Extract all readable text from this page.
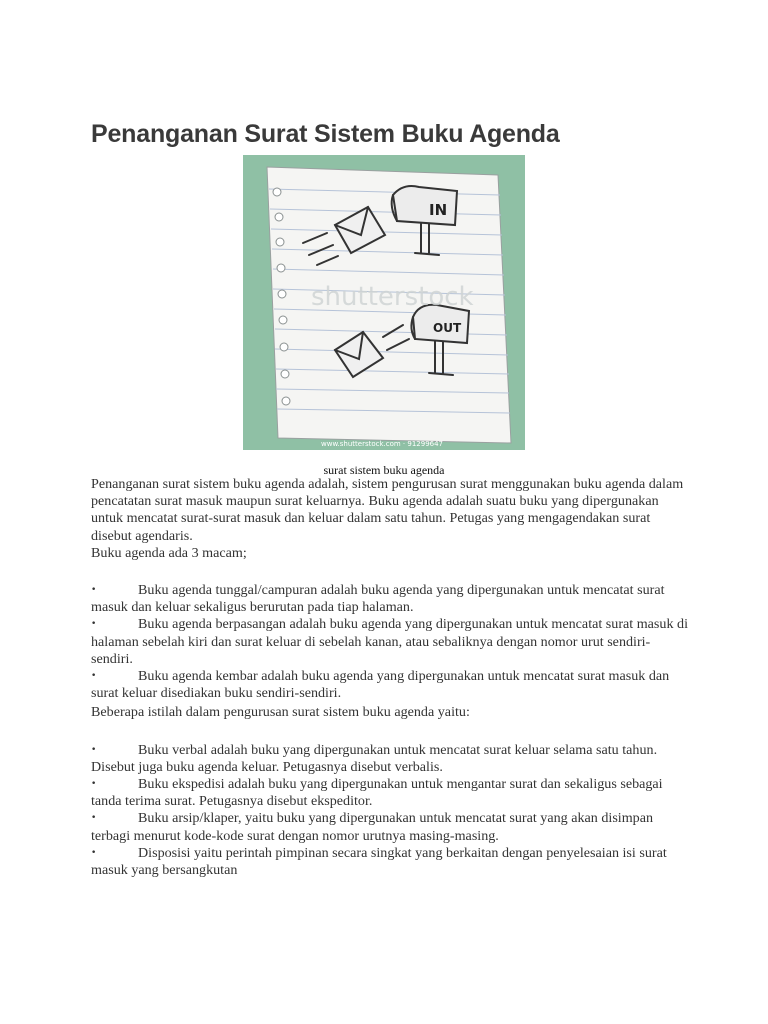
Penanganan Surat Sistem Buku Agenda
IN
OUT
shutterstock
www.shutterstock.com · 91299647
surat sistem buku agenda

Penanganan surat sistem buku agenda adalah, sistem pengurusan surat menggunakan buku agenda dalam pencatatan surat masuk maupun surat keluarnya. Buku agenda adalah suatu buku yang dipergunakan untuk mencatat surat-surat masuk dan keluar dalam satu tahun. Petugas yang mengagendakan surat disebut agendaris.

Buku agenda ada 3 macam;

•	Buku agenda tunggal/campuran adalah buku agenda yang dipergunakan untuk mencatat surat masuk dan keluar sekaligus berurutan pada tiap halaman.

•	Buku agenda berpasangan adalah buku agenda yang dipergunakan untuk mencatat surat masuk di halaman sebelah kiri dan surat keluar di sebelah kanan, atau sebaliknya dengan nomor urut sendiri-sendiri.

•	Buku agenda kembar adalah buku agenda yang dipergunakan untuk mencatat surat masuk dan surat keluar disediakan buku sendiri-sendiri.

Beberapa istilah dalam pengurusan surat sistem buku agenda yaitu:

•	Buku verbal adalah buku yang dipergunakan untuk mencatat surat keluar selama satu tahun. Disebut juga buku agenda keluar. Petugasnya disebut verbalis.

•	Buku ekspedisi adalah buku yang dipergunakan untuk mengantar surat dan sekaligus sebagai tanda terima surat. Petugasnya disebut ekspeditor.

•	Buku arsip/klaper, yaitu buku yang dipergunakan untuk mencatat surat yang akan disimpan terbagi menurut kode-kode surat dengan nomor urutnya masing-masing.

•	Disposisi yaitu perintah pimpinan secara singkat yang berkaitan dengan penyelesaian isi surat masuk yang bersangkutan
